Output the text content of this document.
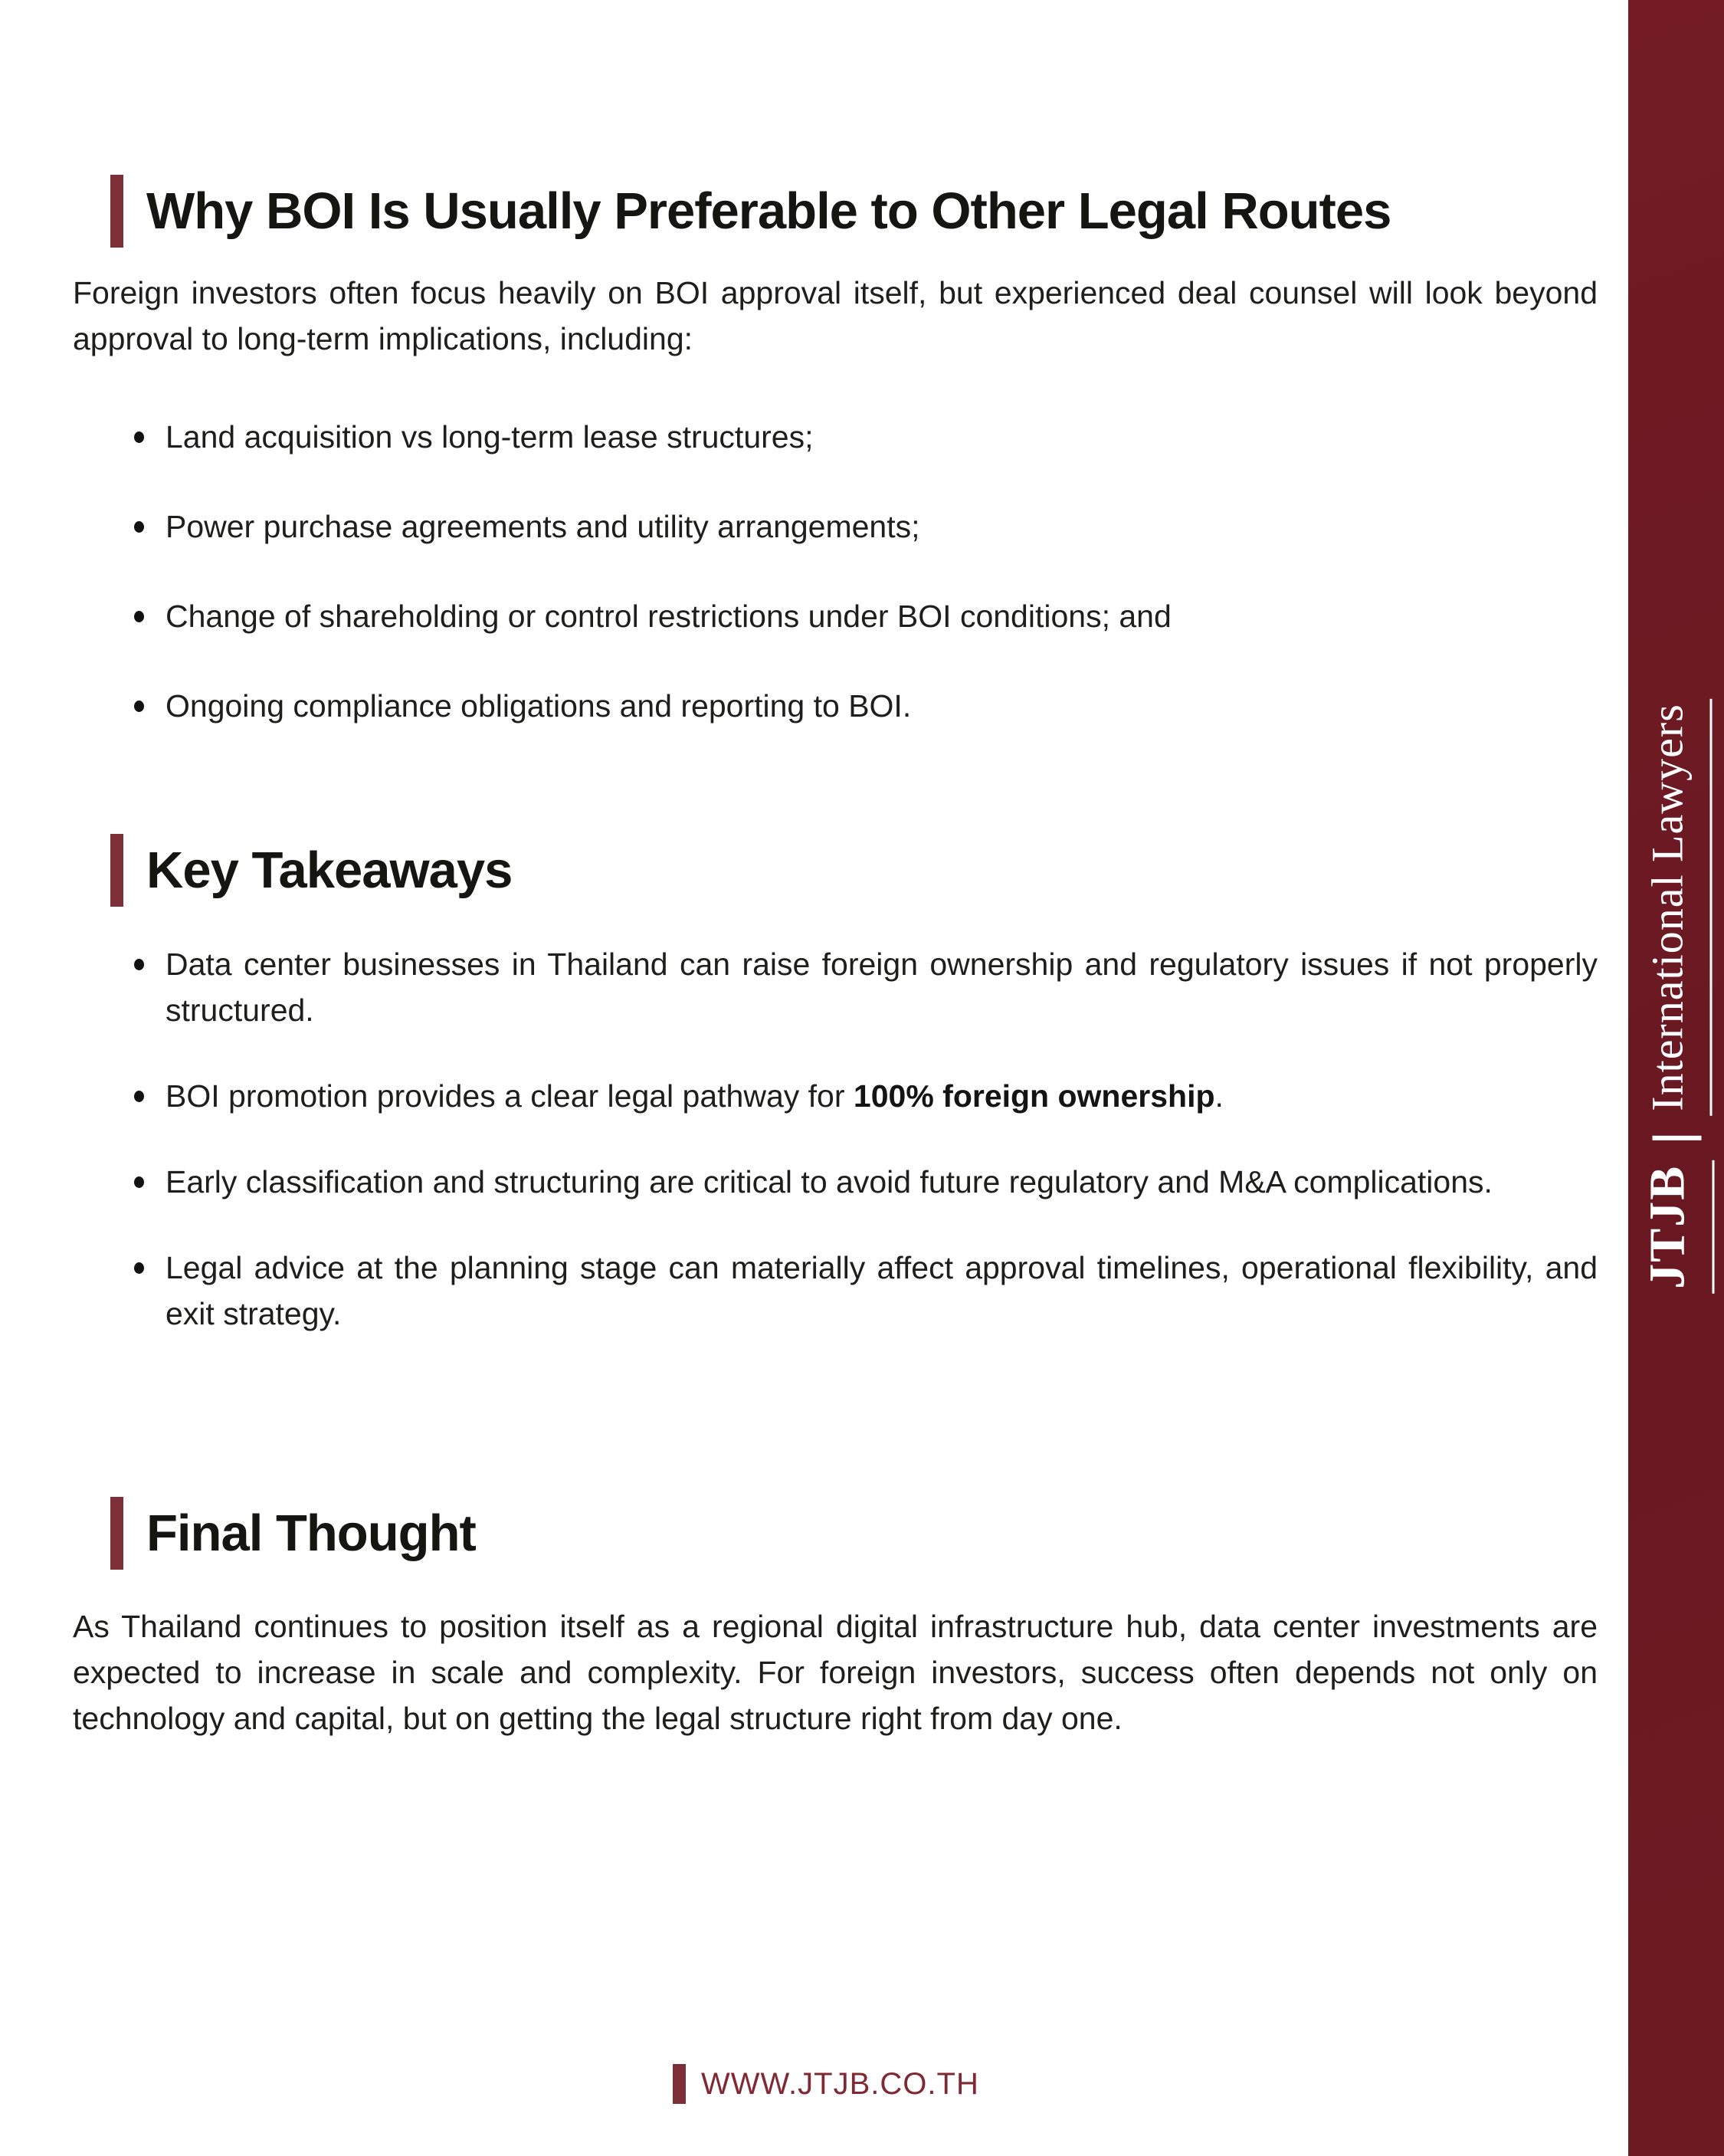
Why BOI Is Usually Preferable to Other Legal Routes

Foreign investors often focus heavily on BOI approval itself, but experienced deal counsel will look beyond approval to long-term implications, including:

Land acquisition vs long-term lease structures;
Power purchase agreements and utility arrangements;
Change of shareholding or control restrictions under BOI conditions; and
Ongoing compliance obligations and reporting to BOI.
Key Takeaways
Data center businesses in Thailand can raise foreign ownership and regulatory issues if not properly structured.
BOI promotion provides a clear legal pathway for 100% foreign ownership.
Early classification and structuring are critical to avoid future regulatory and M&A complications.
Legal advice at the planning stage can materially affect approval timelines, operational flexibility, and exit strategy.
Final Thought

As Thailand continues to position itself as a regional digital infrastructure hub, data center investments are expected to increase in scale and complexity. For foreign investors, success often depends not only on technology and capital, but on getting the legal structure right from day one.

WWW.JTJB.CO.TH
JTJB
International Lawyers
